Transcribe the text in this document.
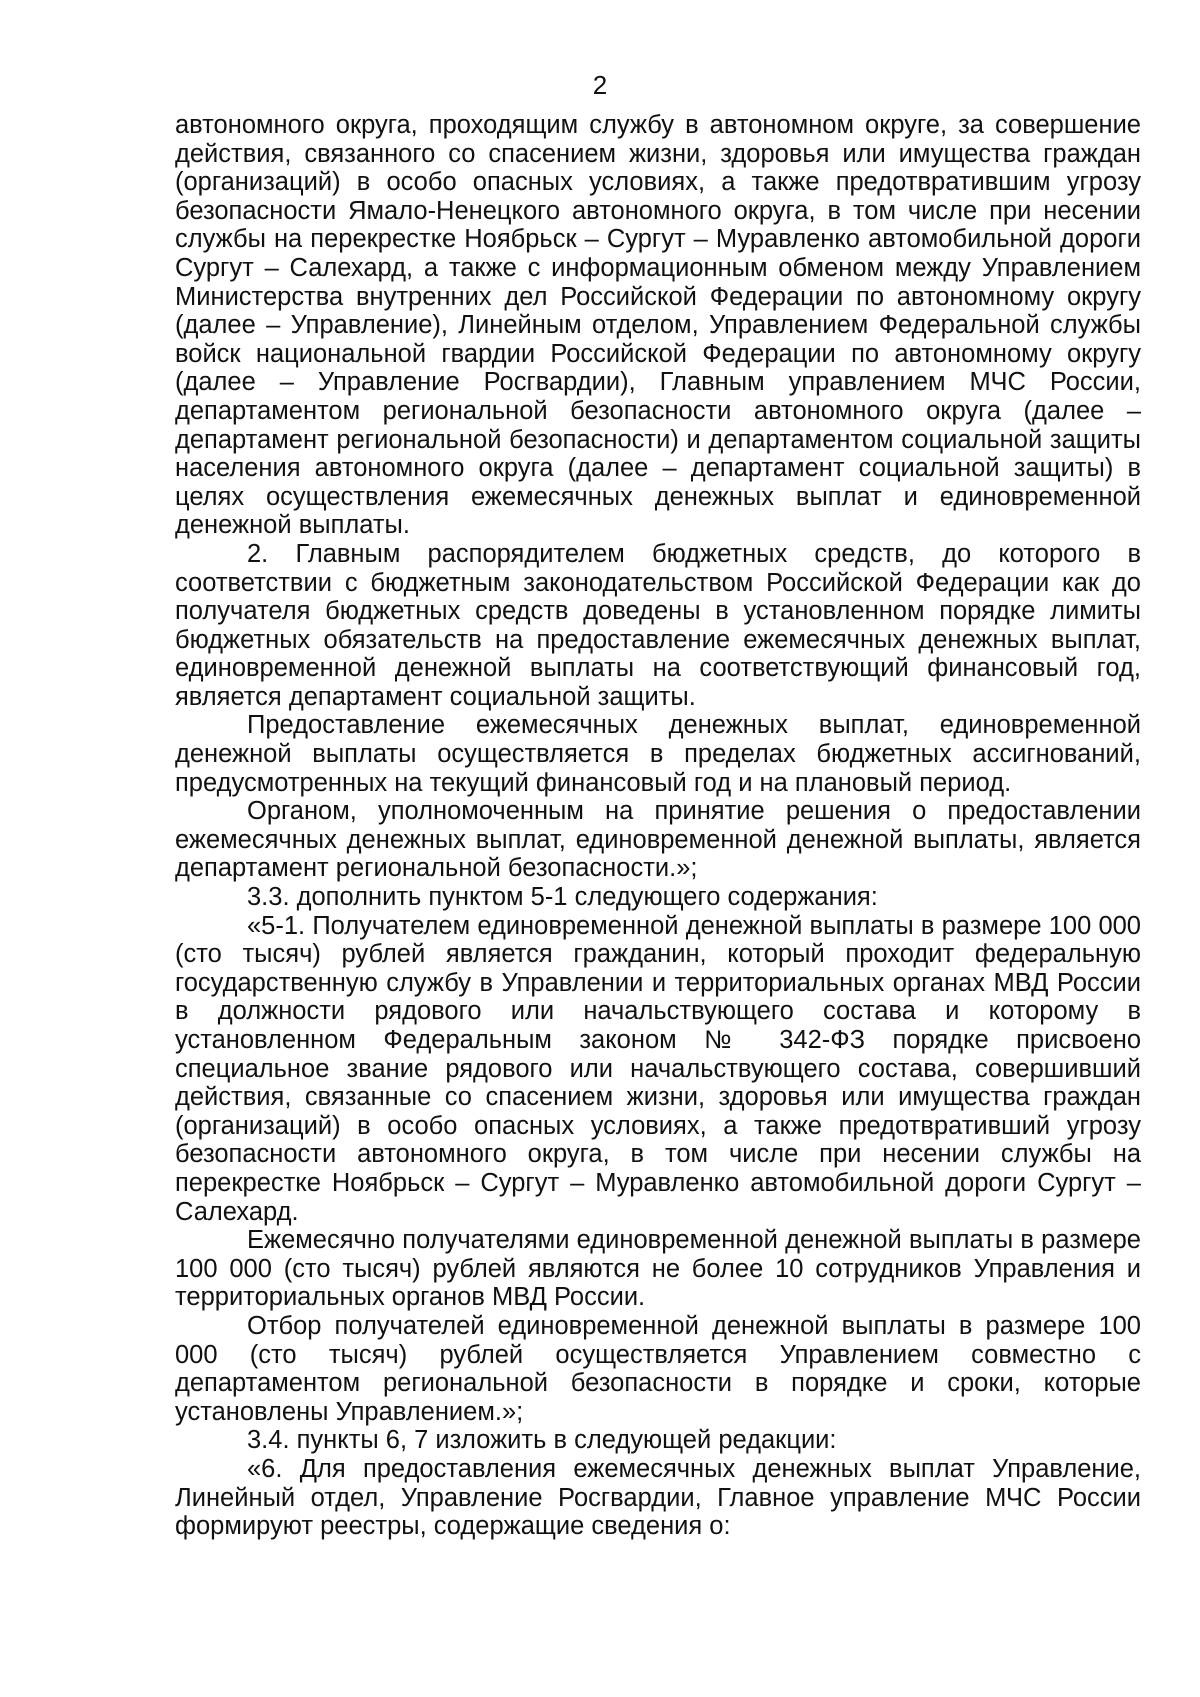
2

автономного округа, проходящим службу в автономном округе, за совершение действия, связанного со спасением жизни, здоровья или имущества граждан (организаций) в особо опасных условиях, а также предотвратившим угрозу безопасности Ямало-Ненецкого автономного округа, в том числе при несении службы на перекрестке Ноябрьск – Сургут – Муравленко автомобильной дороги Сургут – Салехард, а также с информационным обменом между Управлением Министерства внутренних дел Российской Федерации по автономному округу (далее – Управление), Линейным отделом, Управлением Федеральной службы войск национальной гвардии Российской Федерации по автономному округу (далее – Управление Росгвардии), Главным управлением МЧС России, департаментом региональной безопасности автономного округа (далее – департамент региональной безопасности) и департаментом социальной защиты населения автономного округа (далее – департамент социальной защиты) в целях осуществления ежемесячных денежных выплат и единовременной денежной выплаты.

2. Главным распорядителем бюджетных средств, до которого в соответствии с бюджетным законодательством Российской Федерации как до получателя бюджетных средств доведены в установленном порядке лимиты бюджетных обязательств на предоставление ежемесячных денежных выплат, единовременной денежной выплаты на соответствующий финансовый год, является департамент социальной защиты.

Предоставление ежемесячных денежных выплат, единовременной денежной выплаты осуществляется в пределах бюджетных ассигнований, предусмотренных на текущий финансовый год и на плановый период.

Органом, уполномоченным на принятие решения о предоставлении ежемесячных денежных выплат, единовременной денежной выплаты, является департамент региональной безопасности.»;

3.3. дополнить пунктом 5-1 следующего содержания:

«5-1. Получателем единовременной денежной выплаты в размере 100 000 (сто тысяч) рублей является гражданин, который проходит федеральную государственную службу в Управлении и территориальных органах МВД России в должности рядового или начальствующего состава и которому в установленном Федеральным законом № 342-ФЗ порядке присвоено специальное звание рядового или начальствующего состава, совершивший действия, связанные со спасением жизни, здоровья или имущества граждан (организаций) в особо опасных условиях, а также предотвративший угрозу безопасности автономного округа, в том числе при несении службы на перекрестке Ноябрьск – Сургут – Муравленко автомобильной дороги Сургут – Салехард.

Ежемесячно получателями единовременной денежной выплаты в размере 100 000 (сто тысяч) рублей являются не более 10 сотрудников Управления и территориальных органов МВД России.

Отбор получателей единовременной денежной выплаты в размере 100 000 (сто тысяч) рублей осуществляется Управлением совместно с департаментом региональной безопасности в порядке и сроки, которые установлены Управлением.»;

3.4. пункты 6, 7 изложить в следующей редакции:

«6. Для предоставления ежемесячных денежных выплат Управление, Линейный отдел, Управление Росгвардии, Главное управление МЧС России формируют реестры, содержащие сведения о:
